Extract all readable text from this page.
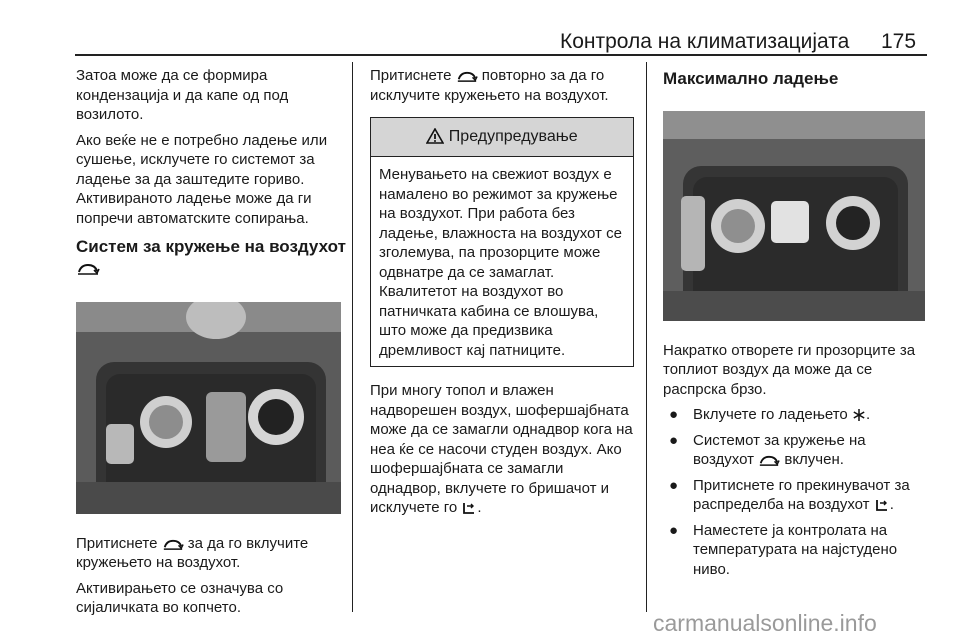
Контрола на климатизацијата 175

Затоа може да се формира кондензација и да капе од под возилото.

Ако веќе не е потребно ладење или сушење, исклучете го системот за ладење за да заштедите гориво. Активираното ладење може да ги попречи автоматските сопирања.

Систем за кружење на воздухот

Притиснете за да го вклучите кружењето на воздухот.

Активирањето се означува со сијаличката во копчето.

Притиснете повторно за да го исклучите кружењето на воздухот.

Предупредување
Менувањето на свежиот воздух е намалено во режимот за кружење на воздухот. При работа без ладење, влажноста на воздухот се зголемува, па прозорците може одвнатре да се замаглат. Квалитетот на воздухот во патничката кабина се влошува, што може да предизвика дремливост кај патниците.

При многу топол и влажен надворешен воздух, шофершајбната може да се замагли однадвор кога на неа ќе се насочи студен воздух. Ако шофершајбната се замагли однадвор, вклучете го бришачот и исклучете го .

Максимално ладење

Накратко отворете ги прозорците за топлиот воздух да може да се распрска брзо.

● Вклучете го ладењето .
● Системот за кружење на воздухот вклучен.
● Притиснете го прекинувачот за распределба на воздухот .
● Наместете ја контролата на температурата на најстудено ниво.
carmanualsonline.info
